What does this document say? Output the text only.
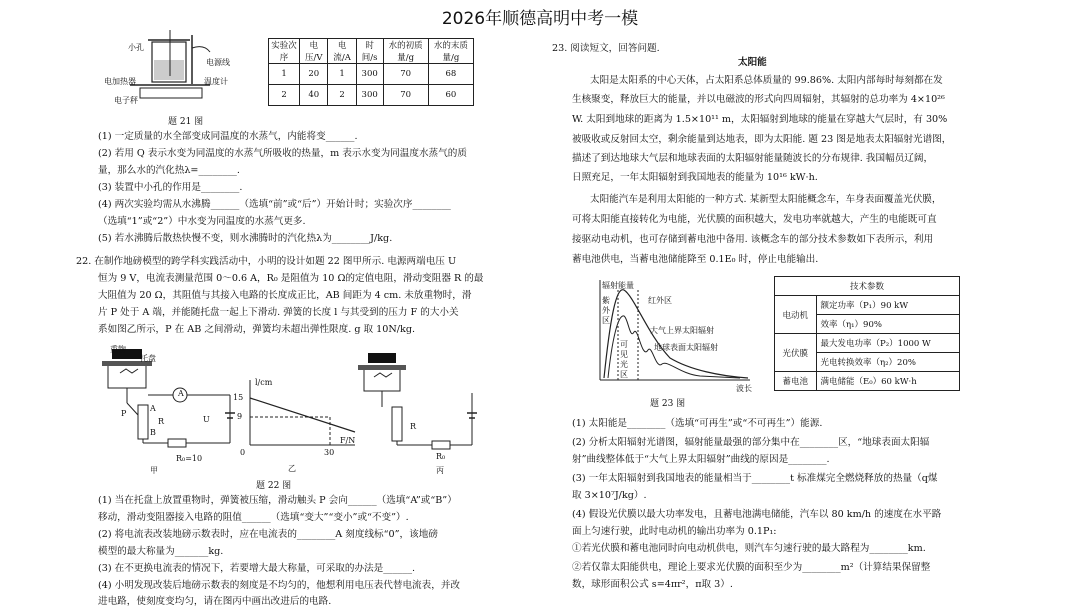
2026年顺德高明中考一模
小孔
电源线
电加热器	温度计
电子秤
题 21 图
实验次序	电压/V	电流/A	时间/s	水的初质量/g	水的末质量/g
1	20	1	300	70	68
2	40	2	300	70	60
(1) 一定质量的水全部变成同温度的水蒸气，内能将变______.
(2) 若用 Q 表示水变为同温度的水蒸气所吸收的热量，m 表示水变为同温度水蒸气的质
量，那么水的汽化热λ=________.
(3) 装置中小孔的作用是________.
(4) 两次实验均需从水沸腾______（选填“前”或“后”）开始计时；实验次序________
（选填“1”或“2”）中水变为同温度的水蒸气更多.
(5) 若水沸腾后散热快慢不变，则水沸腾时的汽化热λ为________J/kg.
22. 在制作地磅模型的跨学科实践活动中，小明的设计如题 22 图甲所示. 电源两端电压 U
恒为 9 V，电流表测量范围 0～0.6 A，R₀ 是阻值为 10 Ω的定值电阻，滑动变阻器 R 的最
大阻值为 20 Ω，其阻值与其接入电路的长度成正比，AB 间距为 4 cm. 未放重物时，滑
片 P 处于 A 端，并能随托盘一起上下滑动. 弹簧的长度 l 与其受到的压力 F 的大小关
系如图乙所示，P 在 AB 之间滑动，弹簧均未超出弹性限度. g 取 10N/kg.
重物
托盘
A
A
P
B
R	U
R₀=10
甲
l/cm
15
9
0	30
F/N
乙
R
R₀
丙
题 22 图
(1) 当在托盘上放置重物时，弹簧被压缩，滑动触头 P 会向______（选填“A”或“B”）
移动，滑动变阻器接入电路的阻值______（选填“变大”“变小”或“不变”）.
(2) 将电流表改装地磅示数表时，应在电流表的________A 刻度线标“0”，该地磅
模型的最大称量为_______kg.
(3) 在不更换电流表的情况下，若要增大最大称量，可采取的办法是______.
(4) 小明发现改装后地磅示数表的刻度是不均匀的，他想利用电压表代替电流表，并改
进电路，使刻度变均匀，请在图丙中画出改进后的电路.
23. 阅读短文，回答问题.
太阳能
太阳是太阳系的中心天体，占太阳系总体质量的 99.86%. 太阳内部每时每刻都在发
生核聚变，释放巨大的能量，并以电磁波的形式向四周辐射，其辐射的总功率为 4×10²⁶
W. 太阳到地球的距离为 1.5×10¹¹ m，太阳辐射到地球的能量在穿越大气层时，有 30%
被吸收或反射回太空，剩余能量到达地表，即为太阳能. 题 23 图是地表太阳辐射光谱图，
描述了到达地球大气层和地球表面的太阳辐射能量随波长的分布规律. 我国幅员辽阔，
日照充足，一年太阳辐射到我国地表的能量为 10¹⁶ kW·h.
太阳能汽车是利用太阳能的一种方式. 某新型太阳能概念车，车身表面覆盖光伏膜，
可将太阳能直接转化为电能，光伏膜的面积越大，发电功率就越大，产生的电能既可直
接驱动电动机，也可存储到蓄电池中备用. 该概念车的部分技术参数如下表所示，利用
蓄电池供电，当蓄电池储能降至 0.1E₀ 时，停止电能输出.
辐射能量
紫外区
红外区
可见光区
大气上界太阳辐射
地球表面太阳辐射
波长
题 23 图
技术参数	
电动机	额定功率（P₁）90 kW
	效率（η₁）90%
光伏膜	最大发电功率（P₂）1000 W
	光电转换效率（η₂）20%
蓄电池	满电储能（E₀）60 kW·h
(1) 太阳能是________（选填“可再生”或“不可再生”）能源.
(2) 分析太阳辐射光谱图，辐射能量最强的部分集中在________区，“地球表面太阳辐
射”曲线整体低于“大气上界太阳辐射”曲线的原因是________.
(3) 一年太阳辐射到我国地表的能量相当于________t 标准煤完全燃烧释放的热量（q煤
取 3×10⁷J/kg）.
(4) 假设光伏膜以最大功率发电，且蓄电池满电储能，汽车以 80 km/h 的速度在水平路
面上匀速行驶，此时电动机的输出功率为 0.1P₁:
①若光伏膜和蓄电池同时向电动机供电，则汽车匀速行驶的最大路程为________km.
②若仅靠太阳能供电，理论上要求光伏膜的面积至少为________m²（计算结果保留整
数，球形面积公式 s=4πr²，π取 3）.
